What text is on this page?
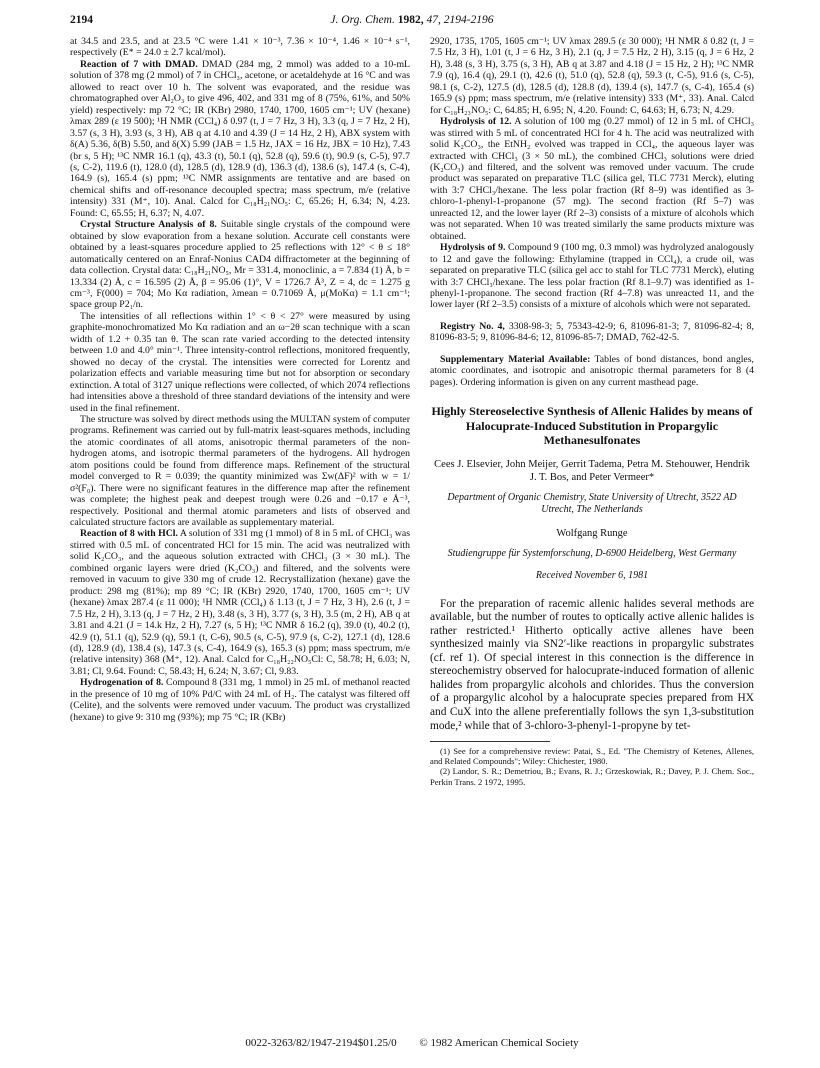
2194	J. Org. Chem. 1982, 47, 2194-2196

at 34.5 and 23.5, and at 23.5 °C were 1.41 × 10⁻³, 7.36 × 10⁻⁴, 1.46 × 10⁻⁴ s⁻¹, respectively (E* = 24.0 ± 2.7 kcal/mol).

Reaction of 7 with DMAD. DMAD (284 mg, 2 mmol) was added to a 10-mL solution of 378 mg (2 mmol) of 7 in CHCl₃, acetone, or acetaldehyde at 16 °C and was allowed to react over 10 h. The solvent was evaporated, and the residue was chromatographed over Al₂O₃ to give 496, 402, and 331 mg of 8 (75%, 61%, and 50% yield) respectively: mp 72 °C; IR (KBr) 2980, 1740, 1700, 1605 cm⁻¹; UV (hexane) λmax 289 (ε 19 500); ¹H NMR (CCl₄) δ 0.97 (t, J = 7 Hz, 3 H), 3.3 (q, J = 7 Hz, 2 H), 3.57 (s, 3 H), 3.93 (s, 3 H), AB q at 4.10 and 4.39 (J = 14 Hz, 2 H), ABX system with δ(A) 5.36, δ(B) 5.50, and δ(X) 5.99 (JAB = 1.5 Hz, JAX = 16 Hz, JBX = 10 Hz), 7.43 (br s, 5 H); ¹³C NMR 16.1 (q), 43.3 (t), 50.1 (q), 52.8 (q), 59.6 (t), 90.9 (s, C-5), 97.7 (s, C-2), 119.6 (t), 128.0 (d), 128.5 (d), 128.9 (d), 136.3 (d), 138.6 (s), 147.4 (s, C-4), 164.9 (s), 165.4 (s) ppm; ¹³C NMR assignments are tentative and are based on chemical shifts and off-resonance decoupled spectra; mass spectrum, m/e (relative intensity) 331 (M⁺, 10). Anal. Calcd for C₁₈H₂₁NO₅: C, 65.26; H, 6.34; N, 4.23. Found: C, 65.55; H, 6.37; N, 4.07.

Crystal Structure Analysis of 8. Suitable single crystals of the compound were obtained by slow evaporation from a hexane solution. Accurate cell constants were obtained by a least-squares procedure applied to 25 reflections with 12° < θ ≤ 18° automatically centered on an Enraf-Nonius CAD4 diffractometer at the beginning of data collection. Crystal data: C₁₈H₂₁NO₅, Mr = 331.4, monoclinic, a = 7.834 (1) Å, b = 13.334 (2) Å, c = 16.595 (2) Å, β = 95.06 (1)°, V = 1726.7 Å³, Z = 4, dc = 1.275 g cm⁻³, F(000) = 704; Mo Kα radiation, λmean = 0.71069 Å, μ(MoKα) = 1.1 cm⁻¹; space group P2₁/n.

The intensities of all reflections within 1° < θ < 27° were measured by using graphite-monochromatized Mo Kα radiation and an ω−2θ scan technique with a scan width of 1.2 + 0.35 tan θ. The scan rate varied according to the detected intensity between 1.0 and 4.0° min⁻¹. Three intensity-control reflections, monitored frequently, showed no decay of the crystal. The intensities were corrected for Lorentz and polarization effects and variable measuring time but not for absorption or secondary extinction. A total of 3127 unique reflections were collected, of which 2074 reflections had intensities above a threshold of three standard deviations of the intensity and were used in the final refinement.

The structure was solved by direct methods using the MULTAN system of computer programs. Refinement was carried out by full-matrix least-squares methods, including the atomic coordinates of all atoms, anisotropic thermal parameters of the non-hydrogen atoms, and isotropic thermal parameters of the hydrogens. All hydrogen atom positions could be found from difference maps. Refinement of the structural model converged to R = 0.039; the quantity minimized was Σw(ΔF)² with w = 1/σ²(F₀). There were no significant features in the difference map after the refinement was complete; the highest peak and deepest trough were 0.26 and −0.17 e Å⁻³, respectively. Positional and thermal atomic parameters and lists of observed and calculated structure factors are available as supplementary material.

Reaction of 8 with HCl. A solution of 331 mg (1 mmol) of 8 in 5 mL of CHCl₃ was stirred with 0.5 mL of concentrated HCl for 15 min. The acid was neutralized with solid K₂CO₃, and the aqueous solution extracted with CHCl₃ (3 × 30 mL). The combined organic layers were dried (K₂CO₃) and filtered, and the solvents were removed in vacuum to give 330 mg of crude 12. Recrystallization (hexane) gave the product: 298 mg (81%); mp 89 °C; IR (KBr) 2920, 1740, 1700, 1605 cm⁻¹; UV (hexane) λmax 287.4 (ε 11 000); ¹H NMR (CCl₄) δ 1.13 (t, J = 7 Hz, 3 H), 2.6 (t, J = 7.5 Hz, 2 H), 3.13 (q, J = 7 Hz, 2 H), 3.48 (s, 3 H), 3.77 (s, 3 H), 3.5 (m, 2 H), AB q at 3.81 and 4.21 (J = 14.k Hz, 2 H), 7.27 (s, 5 H); ¹³C NMR δ 16.2 (q), 39.0 (t), 40.2 (t), 42.9 (t), 51.1 (q), 52.9 (q), 59.1 (t, C-6), 90.5 (s, C-5), 97.9 (s, C-2), 127.1 (d), 128.6 (d), 128.9 (d), 138.4 (s), 147.3 (s, C-4), 164.9 (s), 165.3 (s) ppm; mass spectrum, m/e (relative intensity) 368 (M⁺, 12). Anal. Calcd for C₁₈H₂₂NO₅Cl: C, 58.78; H, 6.03; N, 3.81; Cl, 9.64. Found: C, 58.43; H, 6.24; N, 3.67; Cl, 9.83.

Hydrogenation of 8. Compound 8 (331 mg, 1 mmol) in 25 mL of methanol reacted in the presence of 10 mg of 10% Pd/C with 24 mL of H₂. The catalyst was filtered off (Celite), and the solvents were removed under vacuum. The product was crystallized (hexane) to give 9: 310 mg (93%); mp 75 °C; IR (KBr)

2920, 1735, 1705, 1605 cm⁻¹; UV λmax 289.5 (ε 30 000); ¹H NMR δ 0.82 (t, J = 7.5 Hz, 3 H), 1.01 (t, J = 6 Hz, 3 H), 2.1 (q, J = 7.5 Hz, 2 H), 3.15 (q, J = 6 Hz, 2 H), 3.48 (s, 3 H), 3.75 (s, 3 H), AB q at 3.87 and 4.18 (J = 15 Hz, 2 H); ¹³C NMR 7.9 (q), 16.4 (q), 29.1 (t), 42.6 (t), 51.0 (q), 52.8 (q), 59.3 (t, C-5), 91.6 (s, C-5), 98.1 (s, C-2), 127.5 (d), 128.5 (d), 128.8 (d), 139.4 (s), 147.7 (s, C-4), 165.4 (s) 165.9 (s) ppm; mass spectrum, m/e (relative intensity) 333 (M⁺, 33). Anal. Calcd for C₁₈H₂₃NO₅: C, 64.85; H, 6.95; N, 4.20. Found: C, 64.63; H, 6.73; N, 4.29.

Hydrolysis of 12. A solution of 100 mg (0.27 mmol) of 12 in 5 mL of CHCl₃ was stirred with 5 mL of concentrated HCl for 4 h. The acid was neutralized with solid K₂CO₃, the EtNH₂ evolved was trapped in CCl₄, the aqueous layer was extracted with CHCl₃ (3 × 50 mL), the combined CHCl₃ solutions were dried (K₂CO₃) and filtered, and the solvent was removed under vacuum. The crude product was separated on preparative TLC (silica gel, TLC 7731 Merck), eluting with 3:7 CHCl₃/hexane. The less polar fraction (Rf 8–9) was identified as 3-chloro-1-phenyl-1-propanone (57 mg). The second fraction (Rf 5–7) was unreacted 12, and the lower layer (Rf 2–3) consists of a mixture of alcohols which was not separated. When 10 was treated similarly the same products mixture was obtained.

Hydrolysis of 9. Compound 9 (100 mg, 0.3 mmol) was hydrolyzed analogously to 12 and gave the following: Ethylamine (trapped in CCl₄), a crude oil, was separated on preparative TLC (silica gel acc to stahl for TLC 7731 Merck), eluting with 3:7 CHCl₃/hexane. The less polar fraction (Rf 8.1–9.7) was identified as 1-phenyl-1-propanone. The second fraction (Rf 4–7.8) was unreacted 11, and the lower layer (Rf 2–3.5) consists of a mixture of alcohols which were not separated.

Registry No. 4, 3308-98-3; 5, 75343-42-9; 6, 81096-81-3; 7, 81096-82-4; 8, 81096-83-5; 9, 81096-84-6; 12, 81096-85-7; DMAD, 762-42-5.

Supplementary Material Available: Tables of bond distances, bond angles, atomic coordinates, and isotropic and anisotropic thermal parameters for 8 (4 pages). Ordering information is given on any current masthead page.

Highly Stereoselective Synthesis of Allenic Halides by means of Halocuprate-Induced Substitution in Propargylic Methanesulfonates
Cees J. Elsevier, John Meijer, Gerrit Tadema, Petra M. Stehouwer, Hendrik J. T. Bos, and Peter Vermeer*
Department of Organic Chemistry, State University of Utrecht, 3522 AD Utrecht, The Netherlands
Wolfgang Runge
Studiengruppe für Systemforschung, D-6900 Heidelberg, West Germany
Received November 6, 1981

For the preparation of racemic allenic halides several methods are available, but the number of routes to optically active allenic halides is rather restricted.¹ Hitherto optically active allenes have been synthesized mainly via SN2′-like reactions in propargylic substrates (cf. ref 1). Of special interest in this connection is the difference in stereochemistry observed for halocuprate-induced formation of allenic halides from propargylic alcohols and chlorides. Thus the conversion of a propargylic alcohol by a halocuprate species prepared from HX and CuX into the allene preferentially follows the syn 1,3-substitution mode,² while that of 3-chloro-3-phenyl-1-propyne by tet-

(1) See for a comprehensive review: Patai, S., Ed. "The Chemistry of Ketenes, Allenes, and Related Compounds"; Wiley: Chichester, 1980.

(2) Landor, S. R.; Demetriou, B.; Evans, R. J.; Grzeskowiak, R.; Davey, P. J. Chem. Soc., Perkin Trans. 2 1972, 1995.

0022-3263/82/1947-2194$01.25/0 © 1982 American Chemical Society
